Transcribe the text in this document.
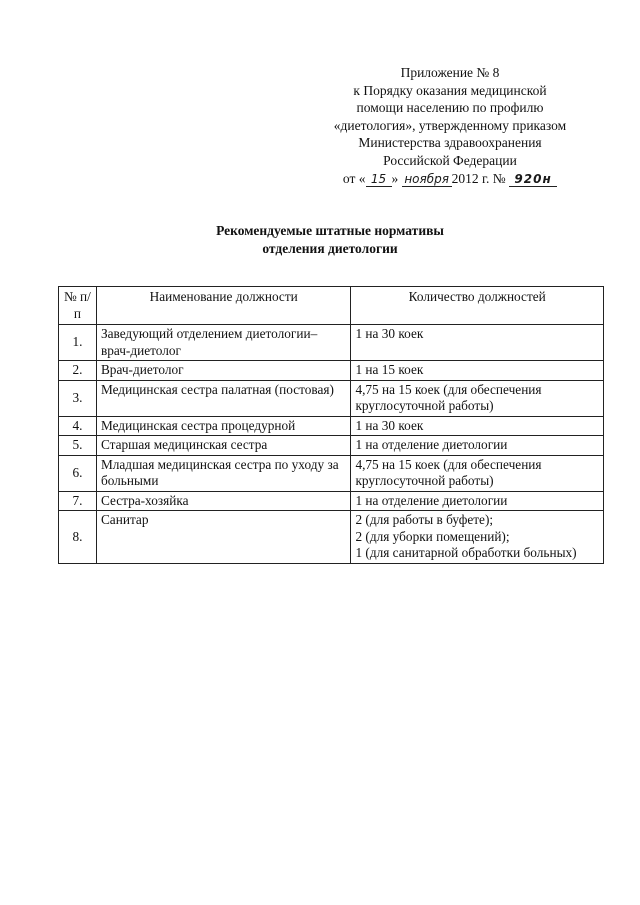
Приложение № 8
к Порядку оказания медицинской
помощи населению по профилю
«диетология», утвержденному приказом
Министерства здравоохранения
Российской Федерации
от « 15 » ноября 2012 г. № 920н
Рекомендуемые штатные нормативы
отделения диетологии
№ п/п	Наименование должности	Количество должностей
1.	Заведующий отделением диетологии–врач-диетолог	1 на 30 коек

2.	Врач-диетолог	1 на 15 коек

3.	Медицинская сестра палатная (постовая)	4,75 на 15 коек (для обеспечения круглосуточной работы)

4.	Медицинская сестра процедурной	1 на 30 коек

5.	Старшая медицинская сестра	1 на отделение диетологии

6.	Младшая медицинская сестра по уходу за больными	4,75 на 15 коек (для обеспечения круглосуточной работы)

7.	Сестра-хозяйка	1 на отделение диетологии

8.	Санитар	2 (для работы в буфете);
2 (для уборки помещений);
1 (для санитарной обработки больных)
